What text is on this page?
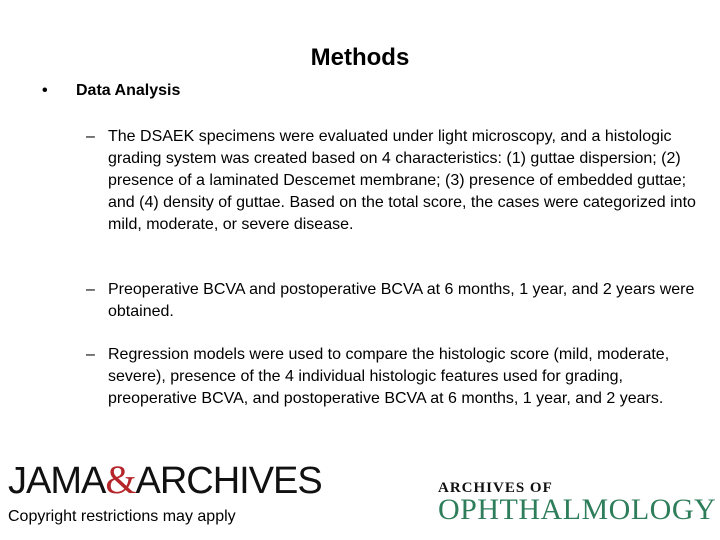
Methods
• Data Analysis
– The DSAEK specimens were evaluated under light microscopy, and a histologic grading system was created based on 4 characteristics: (1) guttae dispersion; (2) presence of a laminated Descemet membrane; (3) presence of embedded guttae; and (4) density of guttae. Based on the total score, the cases were categorized into mild, moderate, or severe disease.
– Preoperative BCVA and postoperative BCVA at 6 months, 1 year, and 2 years were obtained.
– Regression models were used to compare the histologic score (mild, moderate, severe), presence of the 4 individual histologic features used for grading, preoperative BCVA, and postoperative BCVA at 6 months, 1 year, and 2 years.
JAMA&ARCHIVES
Copyright restrictions may apply
ARCHIVES OF
OPHTHALMOLOGY
